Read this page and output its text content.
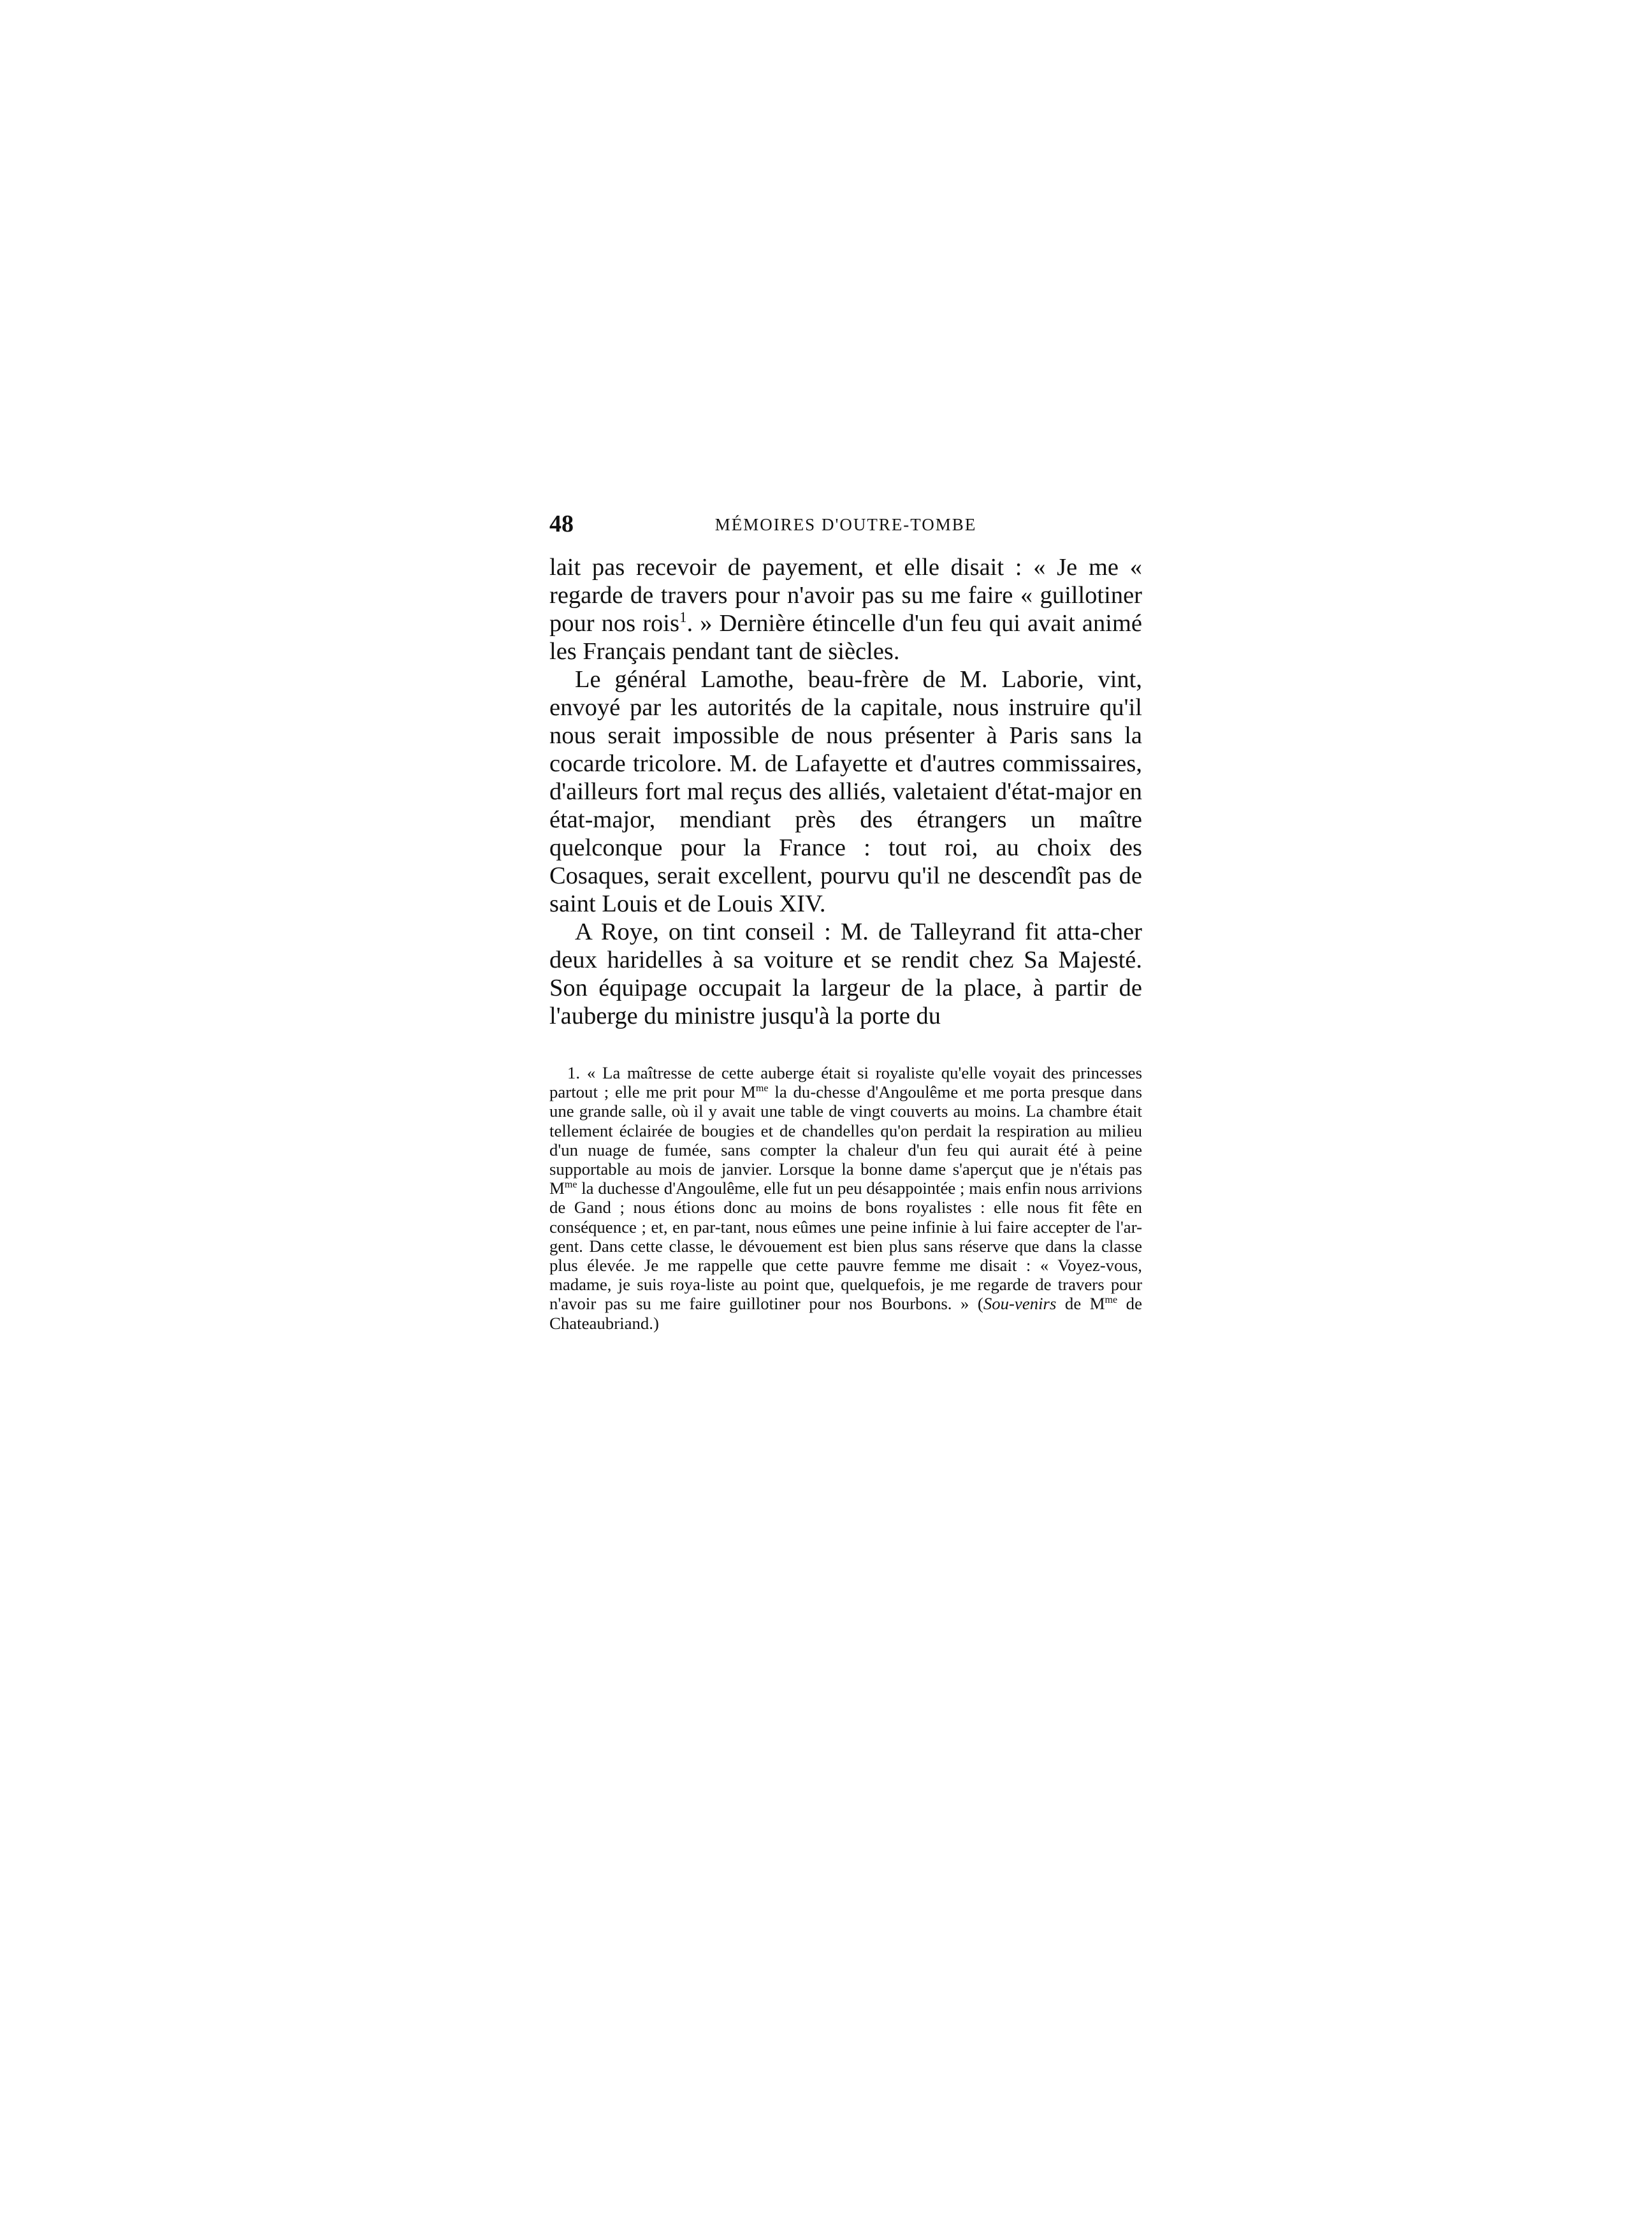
48	MÉMOIRES D'OUTRE-TOMBE

lait pas recevoir de payement, et elle disait : « Je me « regarde de travers pour n'avoir pas su me faire « guillotiner pour nos rois$^1$. » Dernière étincelle d'un feu qui avait animé les Français pendant tant de siècles.

Le général Lamothe, beau-frère de M. Laborie, vint, envoyé par les autorités de la capitale, nous instruire qu'il nous serait impossible de nous présenter à Paris sans la cocarde tricolore. M. de Lafayette et d'autres commissaires, d'ailleurs fort mal reçus des alliés, valetaient d'état-major en état-major, mendiant près des étrangers un maître quelconque pour la France : tout roi, au choix des Cosaques, serait excellent, pourvu qu'il ne descendît pas de saint Louis et de Louis XIV.

A Roye, on tint conseil : M. de Talleyrand fit atta-cher deux haridelles à sa voiture et se rendit chez Sa Majesté. Son équipage occupait la largeur de la place, à partir de l'auberge du ministre jusqu'à la porte du

1. « La maîtresse de cette auberge était si royaliste qu'elle voyait des princesses partout ; elle me prit pour $M^{me}$ la du-chesse d'Angoulême et me porta presque dans une grande salle, où il y avait une table de vingt couverts au moins. La chambre était tellement éclairée de bougies et de chandelles qu'on perdait la respiration au milieu d'un nuage de fumée, sans compter la chaleur d'un feu qui aurait été à peine supportable au mois de janvier. Lorsque la bonne dame s'aperçut que je n'étais pas $M^{me}$ la duchesse d'Angoulême, elle fut un peu désappointée ; mais enfin nous arrivions de Gand ; nous étions donc au moins de bons royalistes : elle nous fit fête en conséquence ; et, en par-tant, nous eûmes une peine infinie à lui faire accepter de l'ar-gent. Dans cette classe, le dévouement est bien plus sans réserve que dans la classe plus élevée. Je me rappelle que cette pauvre femme me disait : « Voyez-vous, madame, je suis roya-liste au point que, quelquefois, je me regarde de travers pour n'avoir pas su me faire guillotiner pour nos Bourbons. » (Sou-venirs de $M^{me}$ de Chateaubriand.)
